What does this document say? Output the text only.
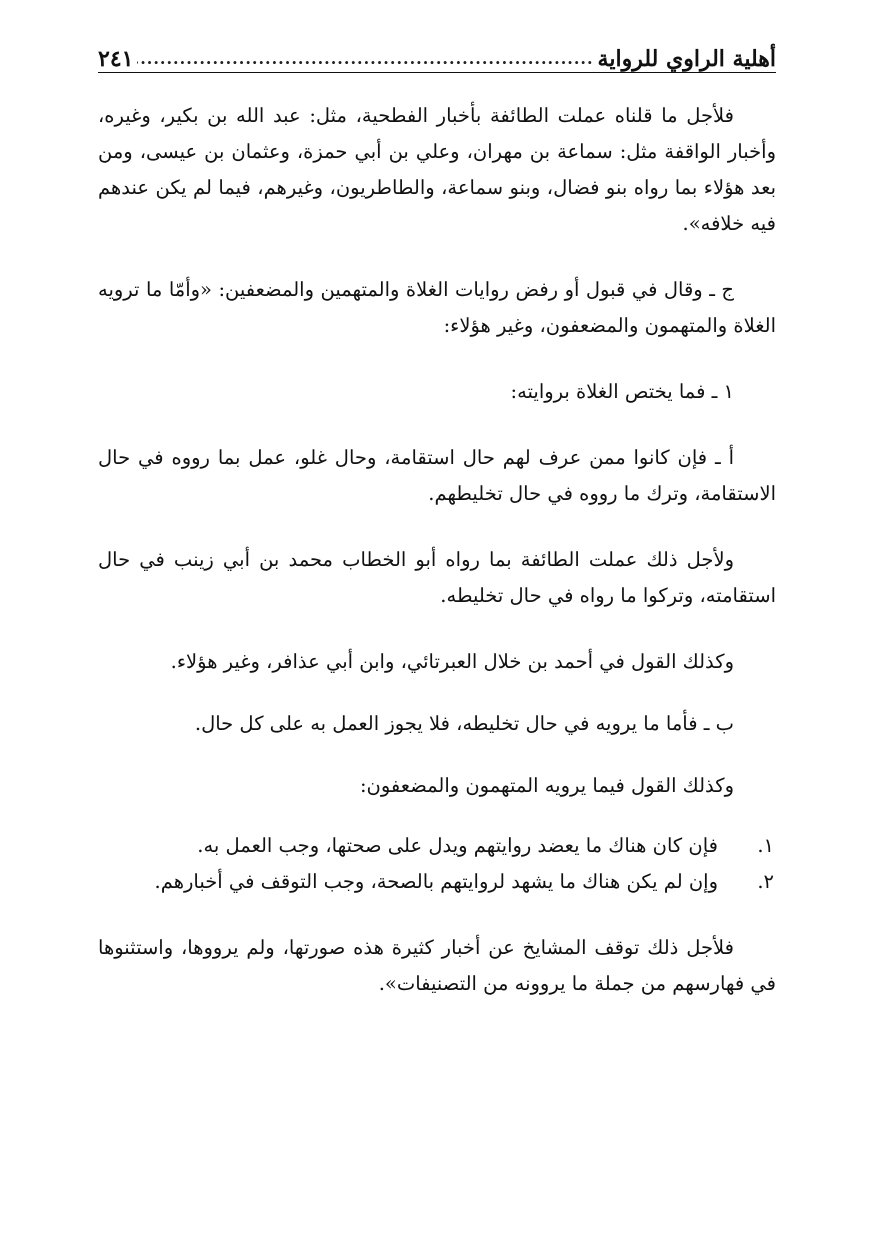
أهلية الراوي للرواية
.....
٢٤١

فلأجل ما قلناه عملت الطائفة بأخبار الفطحية، مثل: عبد الله بن بكير، وغيره، وأخبار الواقفة مثل: سماعة بن مهران، وعلي بن أبي حمزة، وعثمان بن عيسى، ومن بعد هؤلاء بما رواه بنو فضال، وبنو سماعة، والطاطريون، وغيرهم، فيما لم يكن عندهم فيه خلافه».

ج ـ وقال في قبول أو رفض روايات الغلاة والمتهمين والمضعفين: «وأمّا ما ترويه الغلاة والمتهمون والمضعفون، وغير هؤلاء:

١ ـ فما يختص الغلاة بروايته:

أ ـ فإن كانوا ممن عرف لهم حال استقامة، وحال غلو، عمل بما رووه في حال الاستقامة، وترك ما رووه في حال تخليطهم.

ولأجل ذلك عملت الطائفة بما رواه أبو الخطاب محمد بن أبي زينب في حال استقامته، وتركوا ما رواه في حال تخليطه.

وكذلك القول في أحمد بن خلال العبرتائي، وابن أبي عذافر، وغير هؤلاء.

ب ـ فأما ما يرويه في حال تخليطه، فلا يجوز العمل به على كل حال.

وكذلك القول فيما يرويه المتهمون والمضعفون:

١.
فإن كان هناك ما يعضد روايتهم ويدل على صحتها، وجب العمل به.
٢.
وإن لم يكن هناك ما يشهد لروايتهم بالصحة، وجب التوقف في أخبارهم.

فلأجل ذلك توقف المشايخ عن أخبار كثيرة هذه صورتها، ولم يرووها، واستثنوها في فهارسهم من جملة ما يروونه من التصنيفات».
